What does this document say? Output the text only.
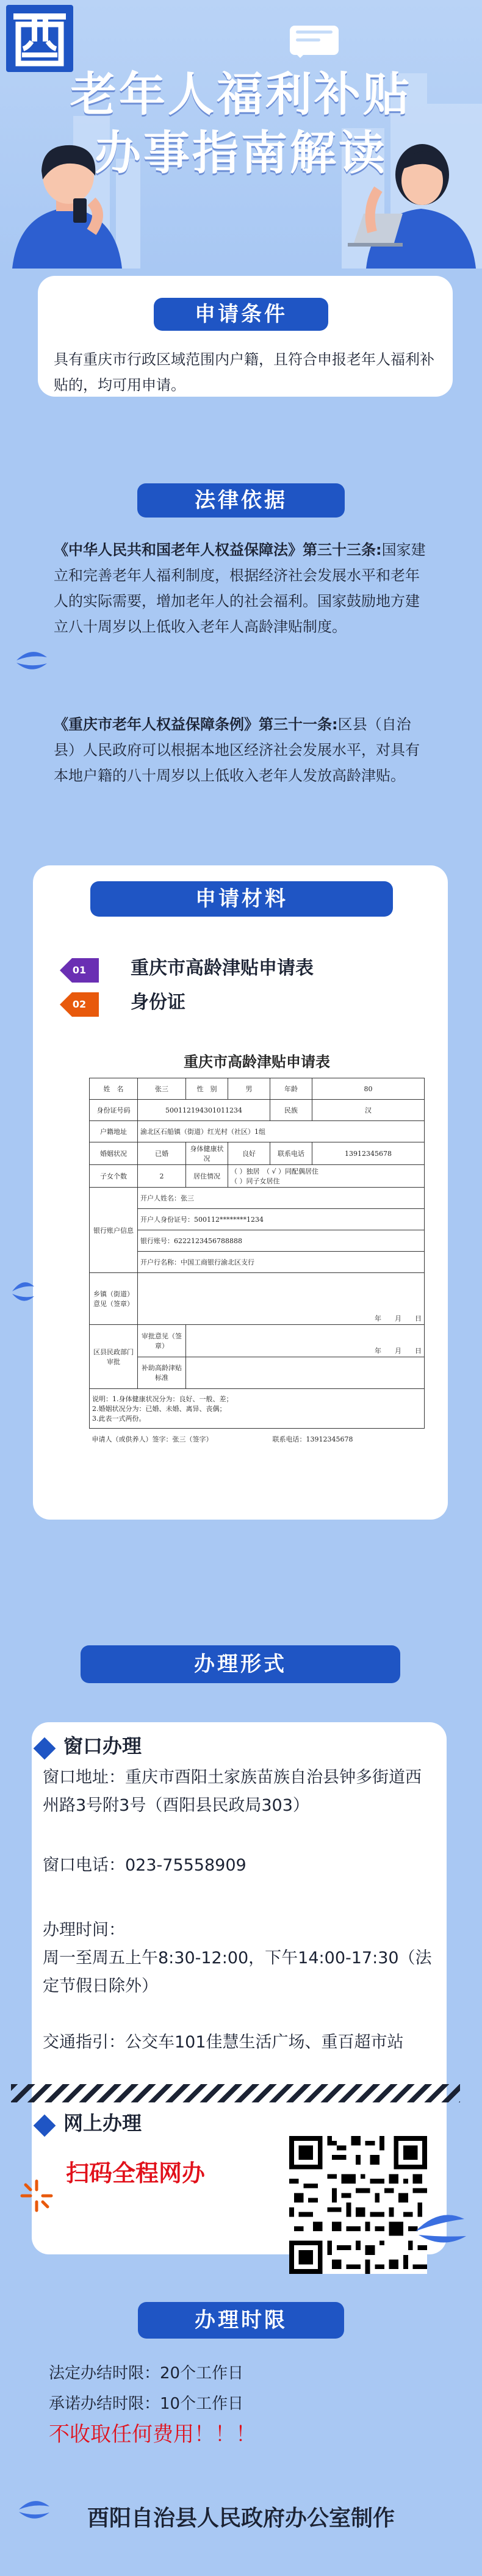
老年人福利补贴
办事指南解读
申请条件
具有重庆市行政区域范围内户籍，且符合申报老年人福利补贴的，均可用申请。
法律依据
《中华人民共和国老年人权益保障法》第三十三条:国家建立和完善老年人福利制度，根据经济社会发展水平和老年人的实际需要，增加老年人的社会福利。国家鼓励地方建立八十周岁以上低收入老年人高龄津贴制度。
《重庆市老年人权益保障条例》第三十一条:区县（自治县）人民政府可以根据本地区经济社会发展水平，对具有本地户籍的八十周岁以上低收入老年人发放高龄津贴。
申请材料
01	重庆市高龄津贴申请表
02	身份证
重庆市高龄津贴申请表
姓　名	张三	性　别	男	年龄	80
身份证号码	500112194301011234			民族	汉
户籍地址	渝北区石船镇（街道）红光村（社区）1组				
婚姻状况	已婚	身体健康状况	良好	联系电话	13912345678
子女个数	2	居住情况	（ ）独居　（ √ ）同配偶居住
（ ）同子女居住		

银行账户信息	开户人姓名：张三				
	开户人身份证号：500112********1234				
	银行账号：6222123456788888				
	开户行名称：中国工商银行渝北区支行				
乡镇（街道）意见（签章）	年　　月　　日				
区县民政部门审批	审批意见（签章）	年　　月　　日			
	补助高龄津贴标准				

说明：1.身体健康状况分为：良好、一般、差；
2.婚姻状况分为：已婚、未婚、离异、丧偶；
3.此表一式两份。					

申请人（或供养人）签字：张三（签字）				联系电话：13912345678	
办理形式
窗口办理
窗口地址：重庆市酉阳土家族苗族自治县钟多街道西州路3号附3号（酉阳县民政局303）
窗口电话：023-75558909
办理时间：
周一至周五上午8:30-12:00，下午14:00-17:30（法定节假日除外）
交通指引：公交车101佳慧生活广场、重百超市站
网上办理
扫码全程网办
办理时限
法定办结时限：20个工作日
承诺办结时限：10个工作日
不收取任何费用！！！
酉阳自治县人民政府办公室制作
